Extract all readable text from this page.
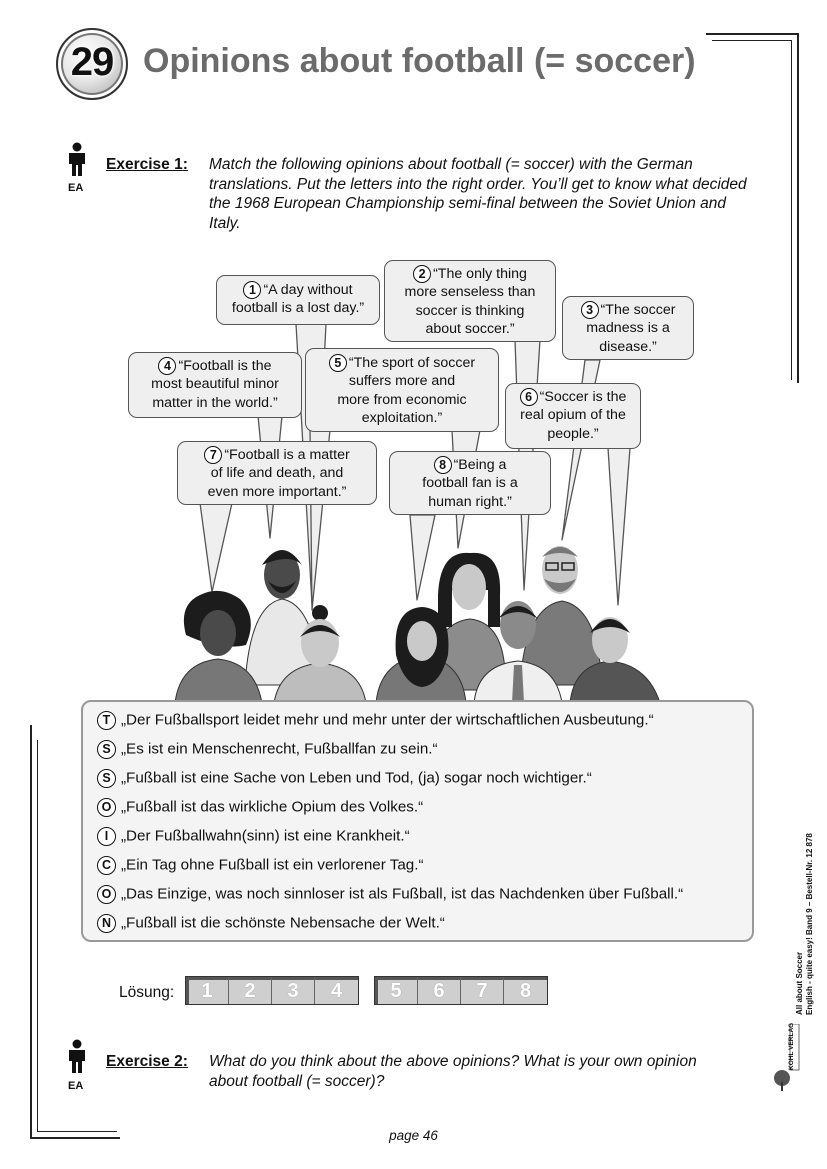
29 Opinions about football (= soccer)
EA
Exercise 1: Match the following opinions about football (= soccer) with the German translations. Put the letters into the right order. You’ll get to know what decided the 1968 European Championship semi-final between the Soviet Union and Italy.
1 “A day without
football is a lost day.”
2 “The only thing
more senseless than
soccer is thinking
about soccer.”
3 “The soccer
madness is a
disease.”
4 “Football is the
most beautiful minor
matter in the world.”
5 “The sport of soccer
suffers more and
more from economic
exploitation.”
6 “Soccer is the
real opium of the
people.”
7 “Football is a matter
of life and death, and
even more important.”
8 “Being a
football fan is a
human right.”
T „Der Fußballsport leidet mehr und mehr unter der wirtschaftlichen Ausbeutung.“
S „Es ist ein Menschenrecht, Fußballfan zu sein.“
S „Fußball ist eine Sache von Leben und Tod, (ja) sogar noch wichtiger.“
O „Fußball ist das wirkliche Opium des Volkes.“
I „Der Fußballwahn(sinn) ist eine Krankheit.“
C „Ein Tag ohne Fußball ist ein verlorener Tag.“
O „Das Einzige, was noch sinnloser ist als Fußball, ist das Nachdenken über Fußball.“
N „Fußball ist die schönste Nebensache der Welt.“
Lösung:	1	2	3	4	5	6	7	8
EA
Exercise 2: What do you think about the above opinions? What is your own opinion about football (= soccer)?
All about Soccer English - quite easy! Band 9 – Bestell-Nr. 12 878
KOHL VERLAG
page 46
